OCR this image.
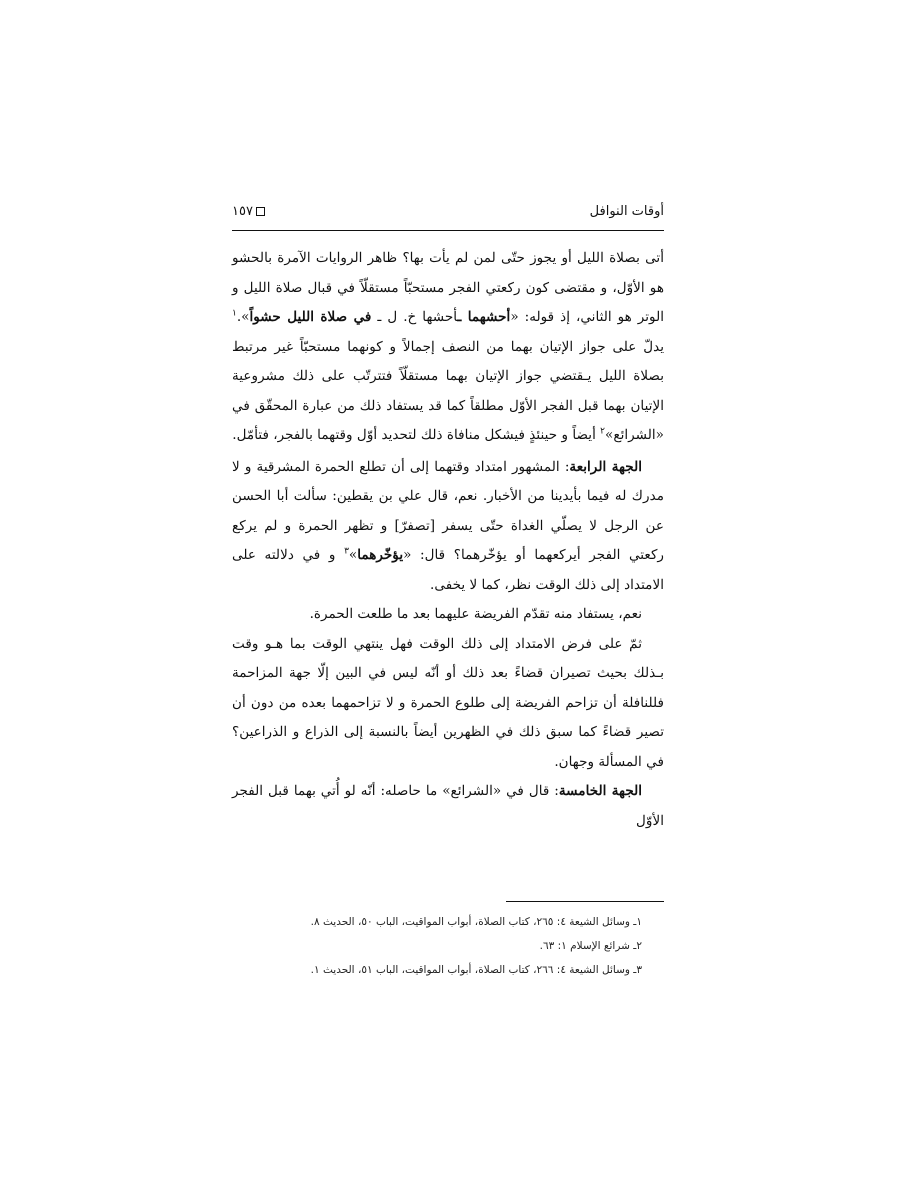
أوقات النوافل
١٥٧

أتى بصلاة الليل أو يجوز حتّى لمن لم يأت بها؟ ظاهر الروايات الآمرة بالحشو هو الأوّل، و مقتضى كون ركعتي الفجر مستحبّاً مستقلّاً في قبال صلاة الليل و الوتر هو الثاني، إذ قوله: «أحشهما ـأحشها خ. ل ـ في صلاة الليل حشواً».$^١$ يدلّ على جواز الإتيان بهما من النصف إجمالاً و كونهما مستحبّاً غير مرتبط بصلاة الليل يـقتضي جواز الإتيان بهما مستقلّاً فتترتّب على ذلك مشروعية الإتيان بهما قبل الفجر الأوّل مطلقاً كما قد يستفاد ذلك من عبارة المحقّق في «الشرائع»$^٢$ أيضاً و حينئذٍ فيشكل منافاة ذلك لتحديد أوّل وقتهما بالفجر، فتأمّل.

الجهة الرابعة: المشهور امتداد وقتهما إلى أن تطلع الحمرة المشرقية و لا مدرك له فيما بأيدينا من الأخبار. نعم، قال علي بن يقطين: سألت أبا الحسن عن الرجل لا يصلّي الغداة حتّى يسفر [تصفرّ] و تظهر الحمرة و لم يركع ركعتي الفجر أيركعهما أو يؤخّرهما؟ قال: «يؤخّرهما»$^٣$ و في دلالته على الامتداد إلى ذلك الوقت نظر، كما لا يخفى.

نعم، يستفاد منه تقدّم الفريضة عليهما بعد ما طلعت الحمرة.

ثمّ على فرض الامتداد إلى ذلك الوقت فهل ينتهي الوقت بما هـو وقت بـذلك بحيث تصيران قضاءً بعد ذلك أو أنّه ليس في البين إلّا جهة المزاحمة فللنافلة أن تزاحم الفريضة إلى طلوع الحمرة و لا تزاحمهما بعده من دون أن تصير قضاءً كما سبق ذلك في الظهرين أيضاً بالنسبة إلى الذراع و الذراعين؟ في المسألة وجهان.

الجهة الخامسة: قال في «الشرائع» ما حاصله: أنّه لو أُتي بهما قبل الفجر الأوّل

١ـ وسائل الشيعة ٤: ٢٦٥، كتاب الصلاة، أبواب المواقيت، الباب ٥٠، الحديث ٨.
٢ـ شرائع الإسلام ١: ٦٣.
٣ـ وسائل الشيعة ٤: ٢٦٦، كتاب الصلاة، أبواب المواقيت، الباب ٥١، الحديث ١.
